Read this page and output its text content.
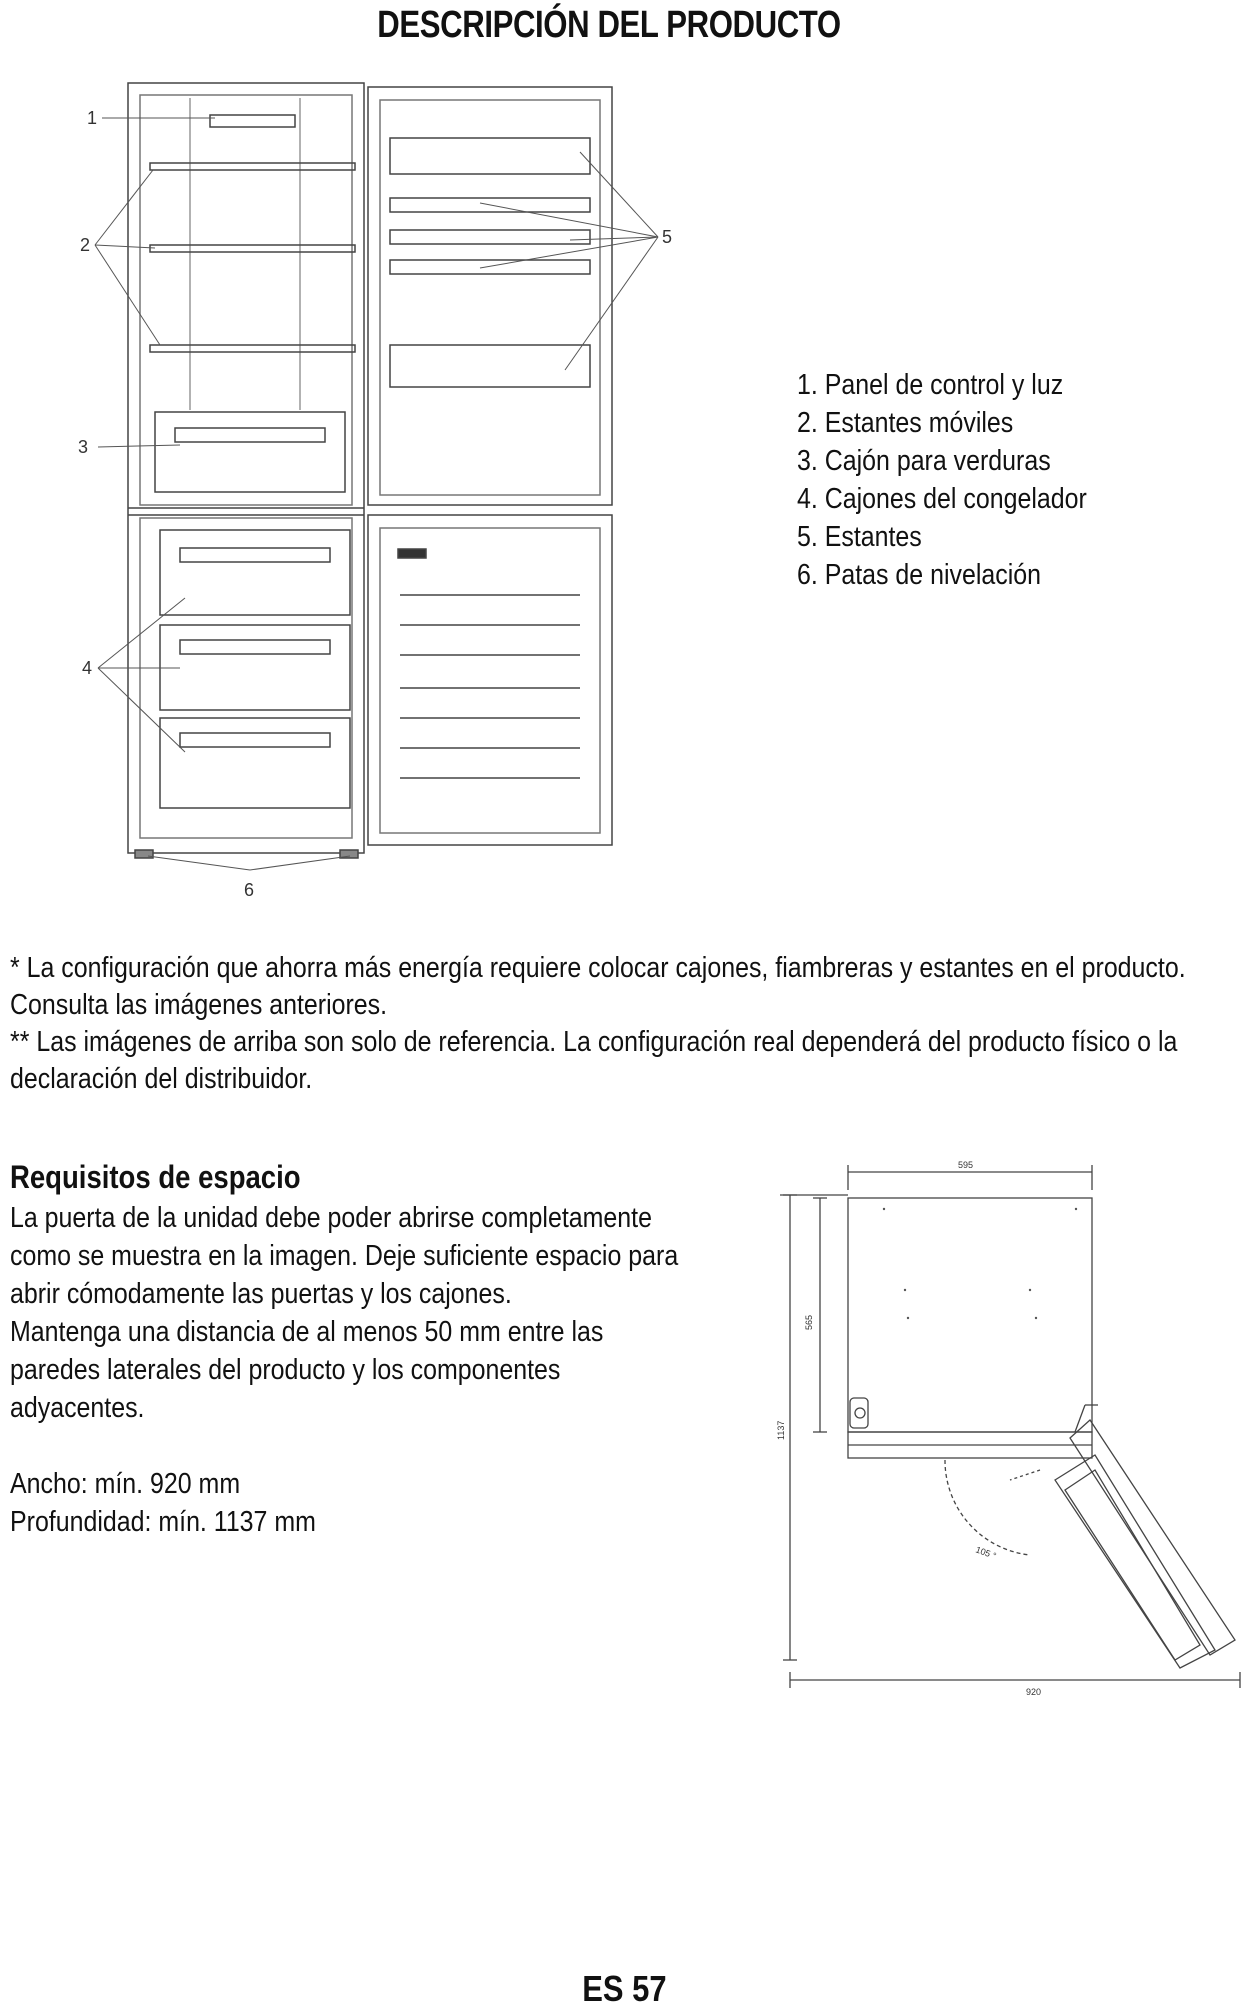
DESCRIPCIÓN DEL PRODUCTO
1
2
3
4
5
6
1. Panel de control y luz
2. Estantes móviles
3. Cajón para verduras
4. Cajones del congelador
5. Estantes
6. Patas de nivelación

* La configuración que ahorra más energía requiere colocar cajones, fiambreras y estantes en el producto. Consulta las imágenes anteriores.

** Las imágenes de arriba son solo de referencia. La configuración real dependerá del producto físico o la declaración del distribuidor.

Requisitos de espacio

La puerta de la unidad debe poder abrirse completamente como se muestra en la imagen. Deje suficiente espacio para abrir cómodamente las puertas y los cajones.

Mantenga una distancia de al menos 50 mm entre las paredes laterales del producto y los componentes adyacentes.

Ancho: mín. 920 mm

Profundidad: mín. 1137 mm

595
920
565
1137
105 °
ES 57
